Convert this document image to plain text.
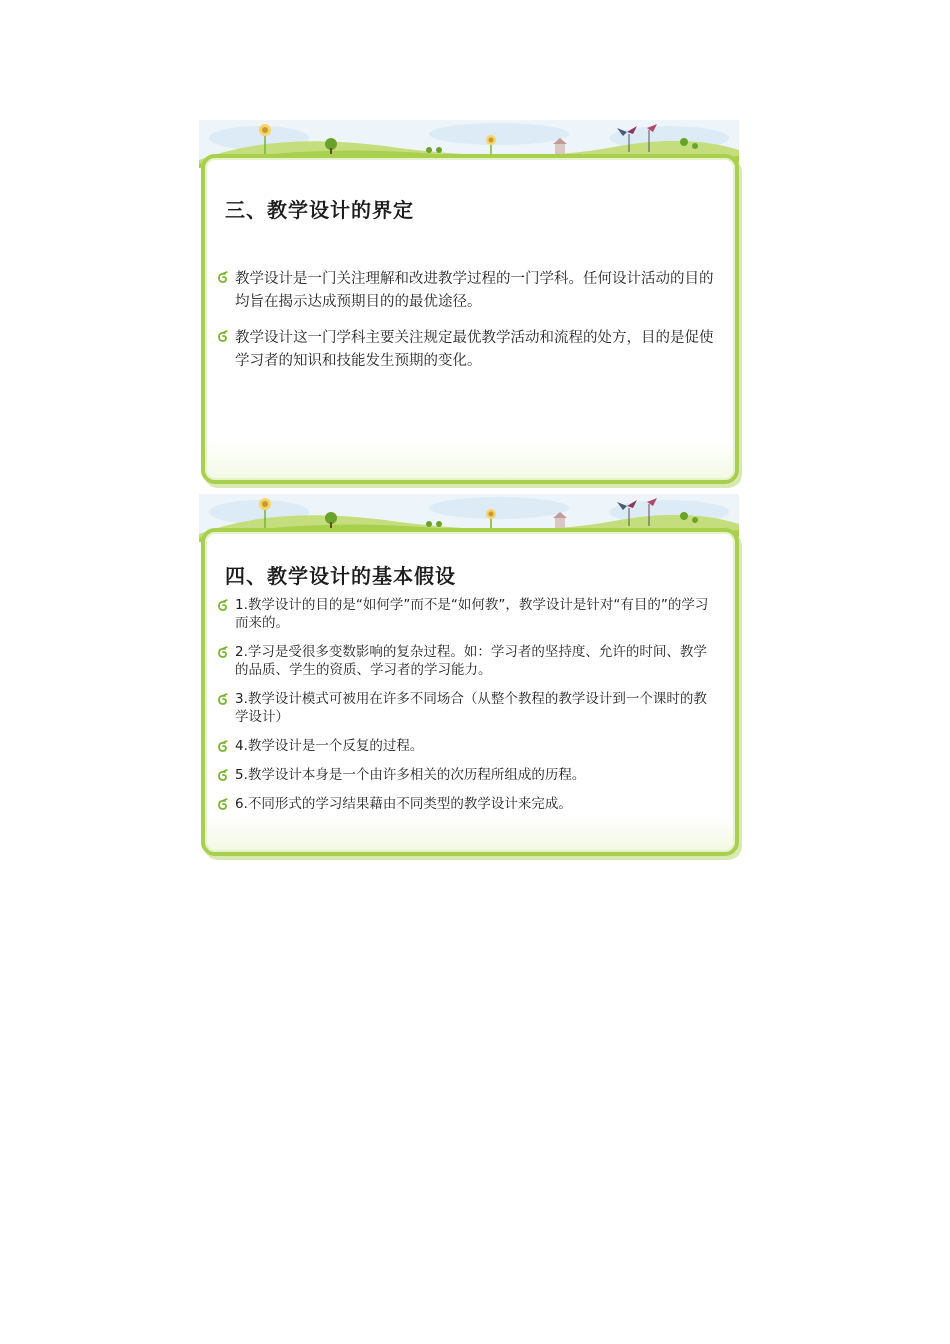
三、教学设计的界定
教学设计是一门关注理解和改进教学过程的一门学科。任何设计活动的目的均旨在揭示达成预期目的的最优途径。
教学设计这一门学科主要关注规定最优教学活动和流程的处方，目的是促使学习者的知识和技能发生预期的变化。
四、教学设计的基本假设
1.教学设计的目的是“如何学”而不是“如何教”，教学设计是针对“有目的”的学习而来的。
2.学习是受很多变数影响的复杂过程。如：学习者的坚持度、允许的时间、教学的品质、学生的资质、学习者的学习能力。
3.教学设计模式可被用在许多不同场合（从整个教程的教学设计到一个课时的教学设计）
4.教学设计是一个反复的过程。
5.教学设计本身是一个由许多相关的次历程所组成的历程。
6.不同形式的学习结果藉由不同类型的教学设计来完成。
